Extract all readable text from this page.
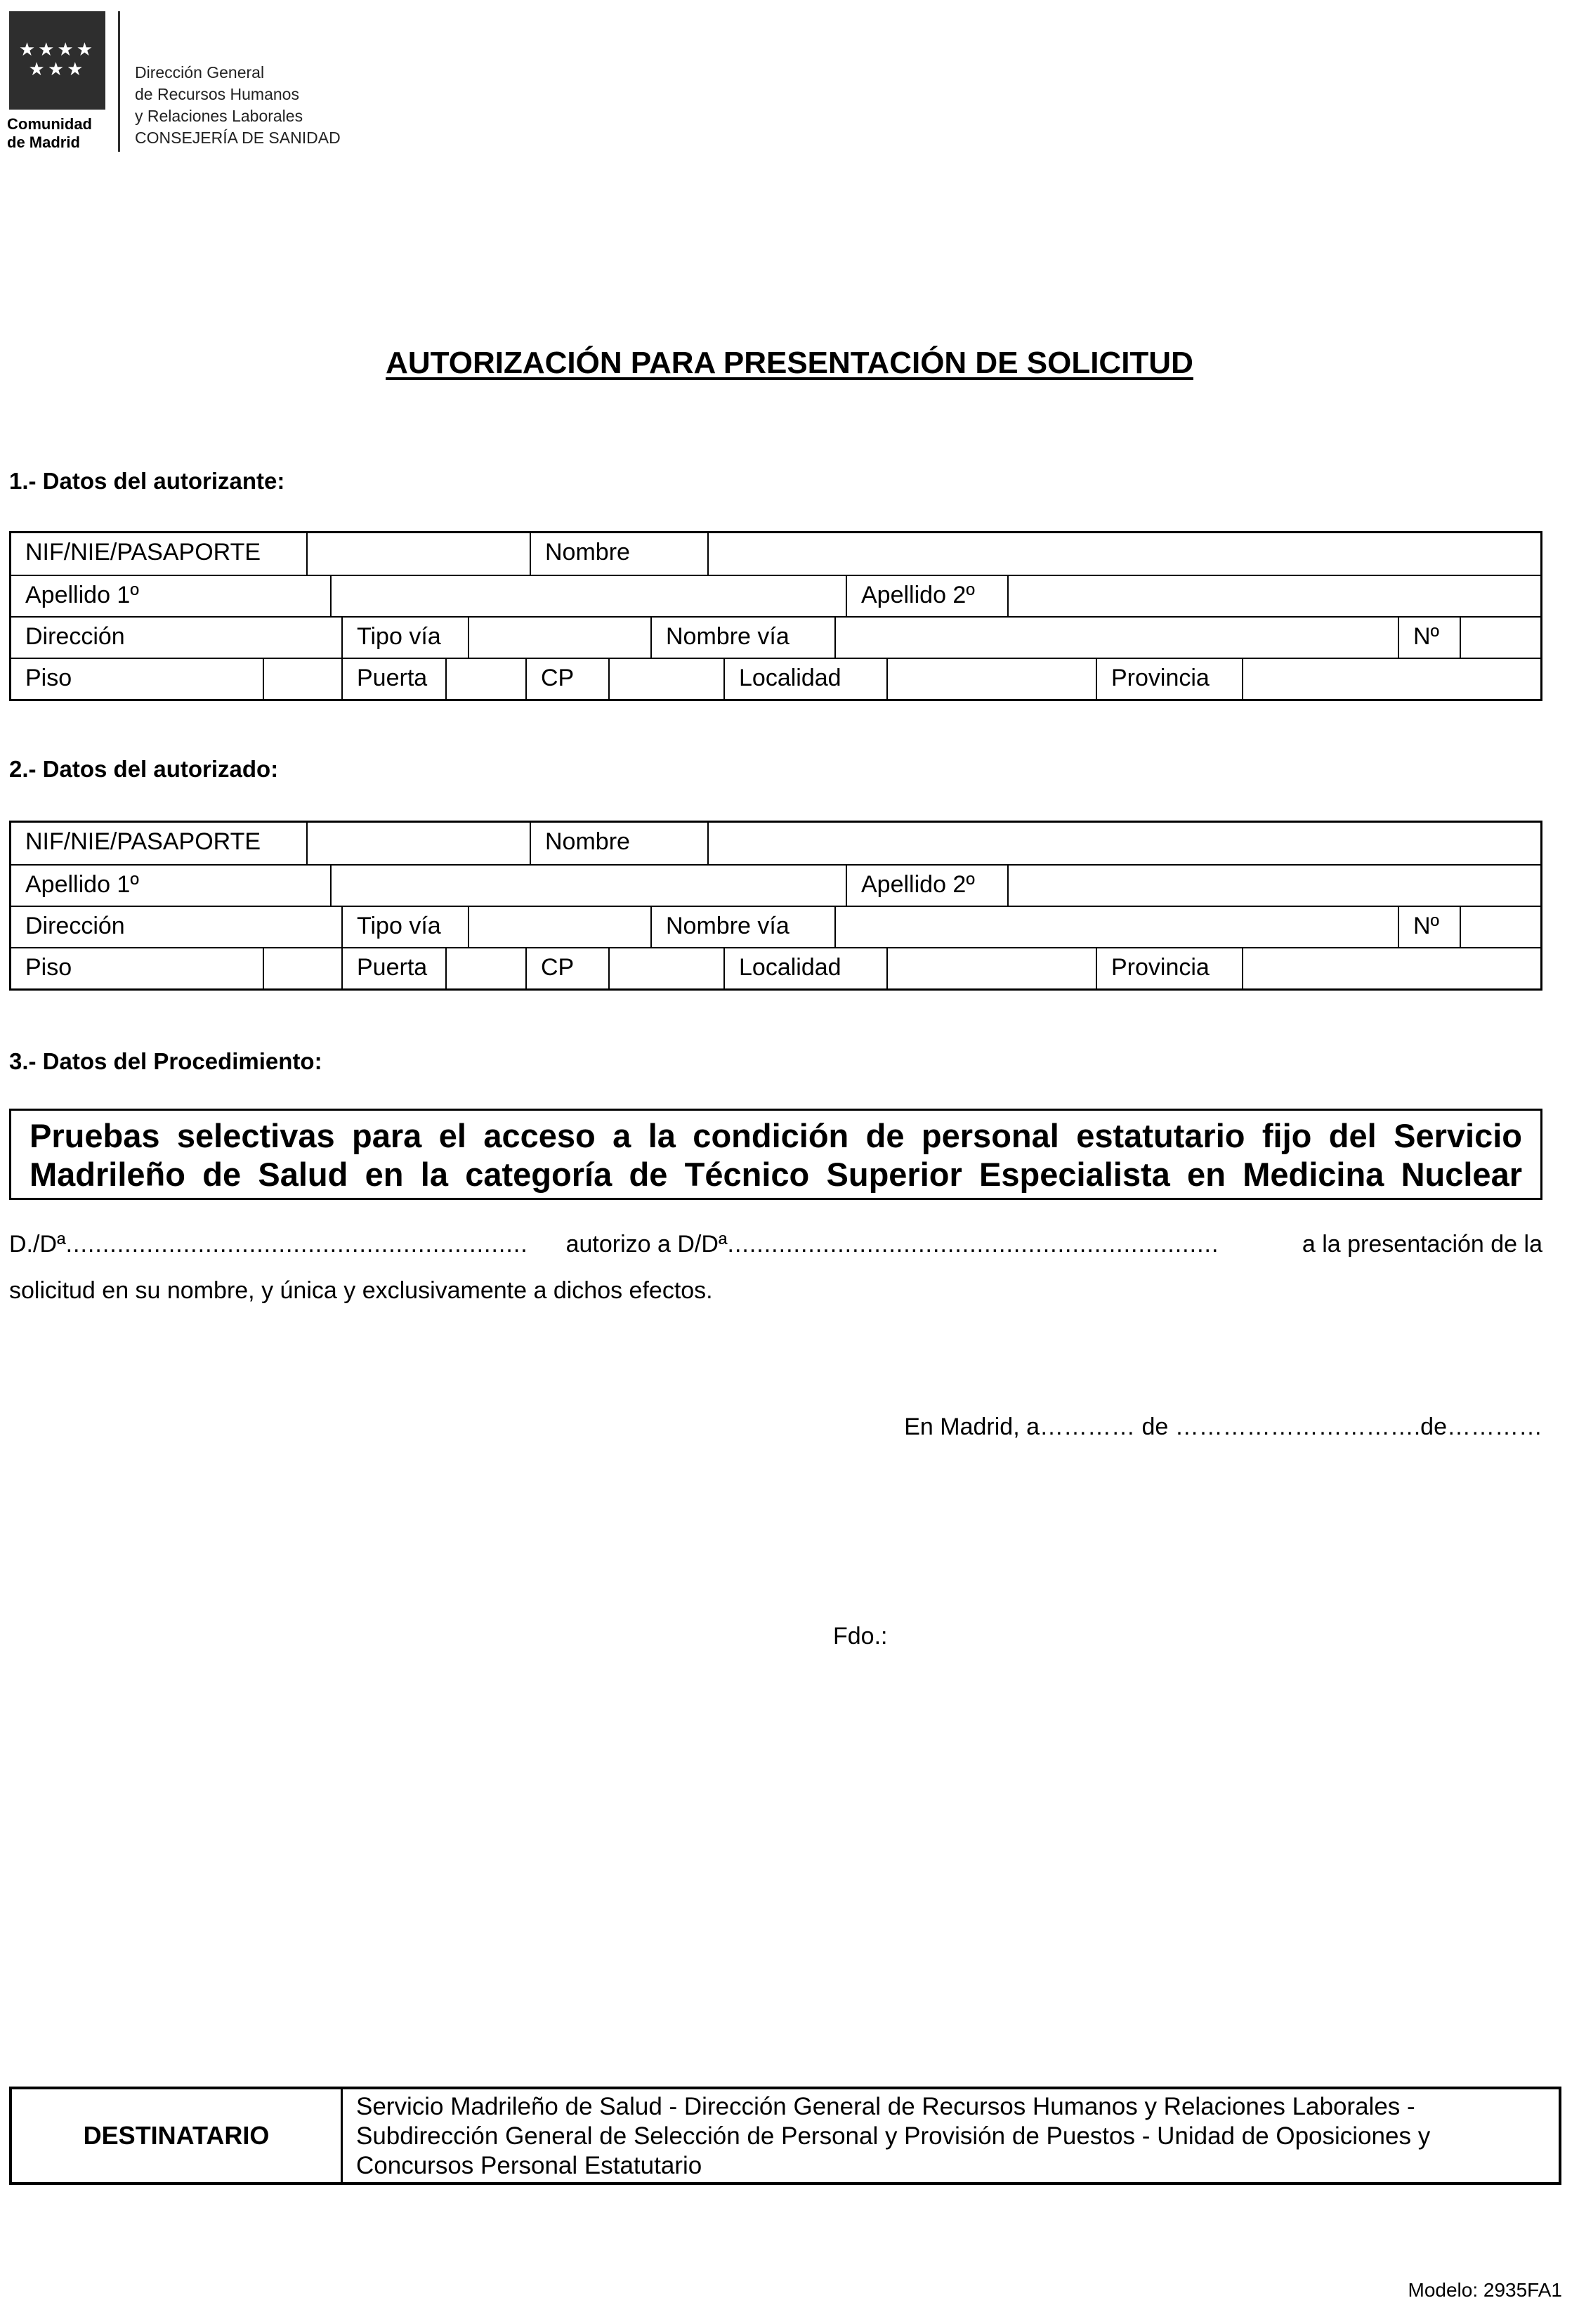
★★★★
★★★
Comunidad
de Madrid
Dirección General
de Recursos Humanos
y Relaciones Laborales
CONSEJERÍA DE SANIDAD
AUTORIZACIÓN PARA PRESENTACIÓN DE SOLICITUD
1.- Datos del autorizante:
NIF/NIE/PASAPORTE	Nombre
Apellido 1º	Apellido 2º
Dirección	Tipo vía	Nombre vía	Nº
Piso	Puerta	CP	Localidad	Provincia
2.- Datos del autorizado:
NIF/NIE/PASAPORTE	Nombre
Apellido 1º	Apellido 2º
Dirección	Tipo vía	Nombre vía	Nº
Piso	Puerta	CP	Localidad	Provincia
3.- Datos del Procedimiento:
Pruebas selectivas para el acceso a la condición de personal estatutario fijo del Servicio
Madrileño de Salud en la categoría de Técnico Superior Especialista en Medicina Nuclear
D./Dª ...............................................................	autorizo a D/Dª ...................................................................	a la presentación de la
solicitud en su nombre, y única y exclusivamente a dichos efectos.
En Madrid, a………… de ………………………….de…………
Fdo.:
DESTINATARIO
Servicio Madrileño de Salud - Dirección General de Recursos Humanos y Relaciones Laborales - Subdirección General de Selección de Personal y Provisión de Puestos - Unidad de Oposiciones y Concursos Personal Estatutario
Modelo: 2935FA1
